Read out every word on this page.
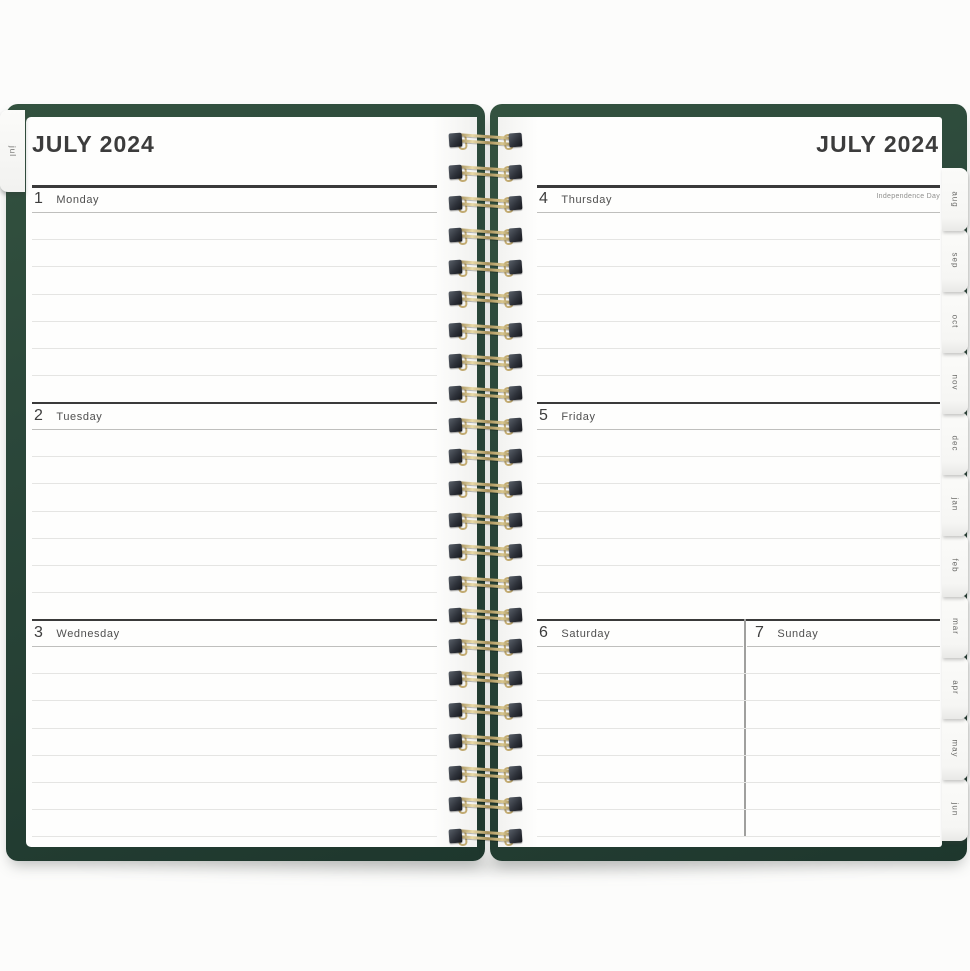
JULY 2024
1 Monday
2 Tuesday
3 Wednesday
JULY 2024
4 Thursday	Independence Day
5 Friday
6 Saturday	7 Sunday
jul
aug
sep
oct
nov
dec
jan
feb
mar
apr
may
jun
